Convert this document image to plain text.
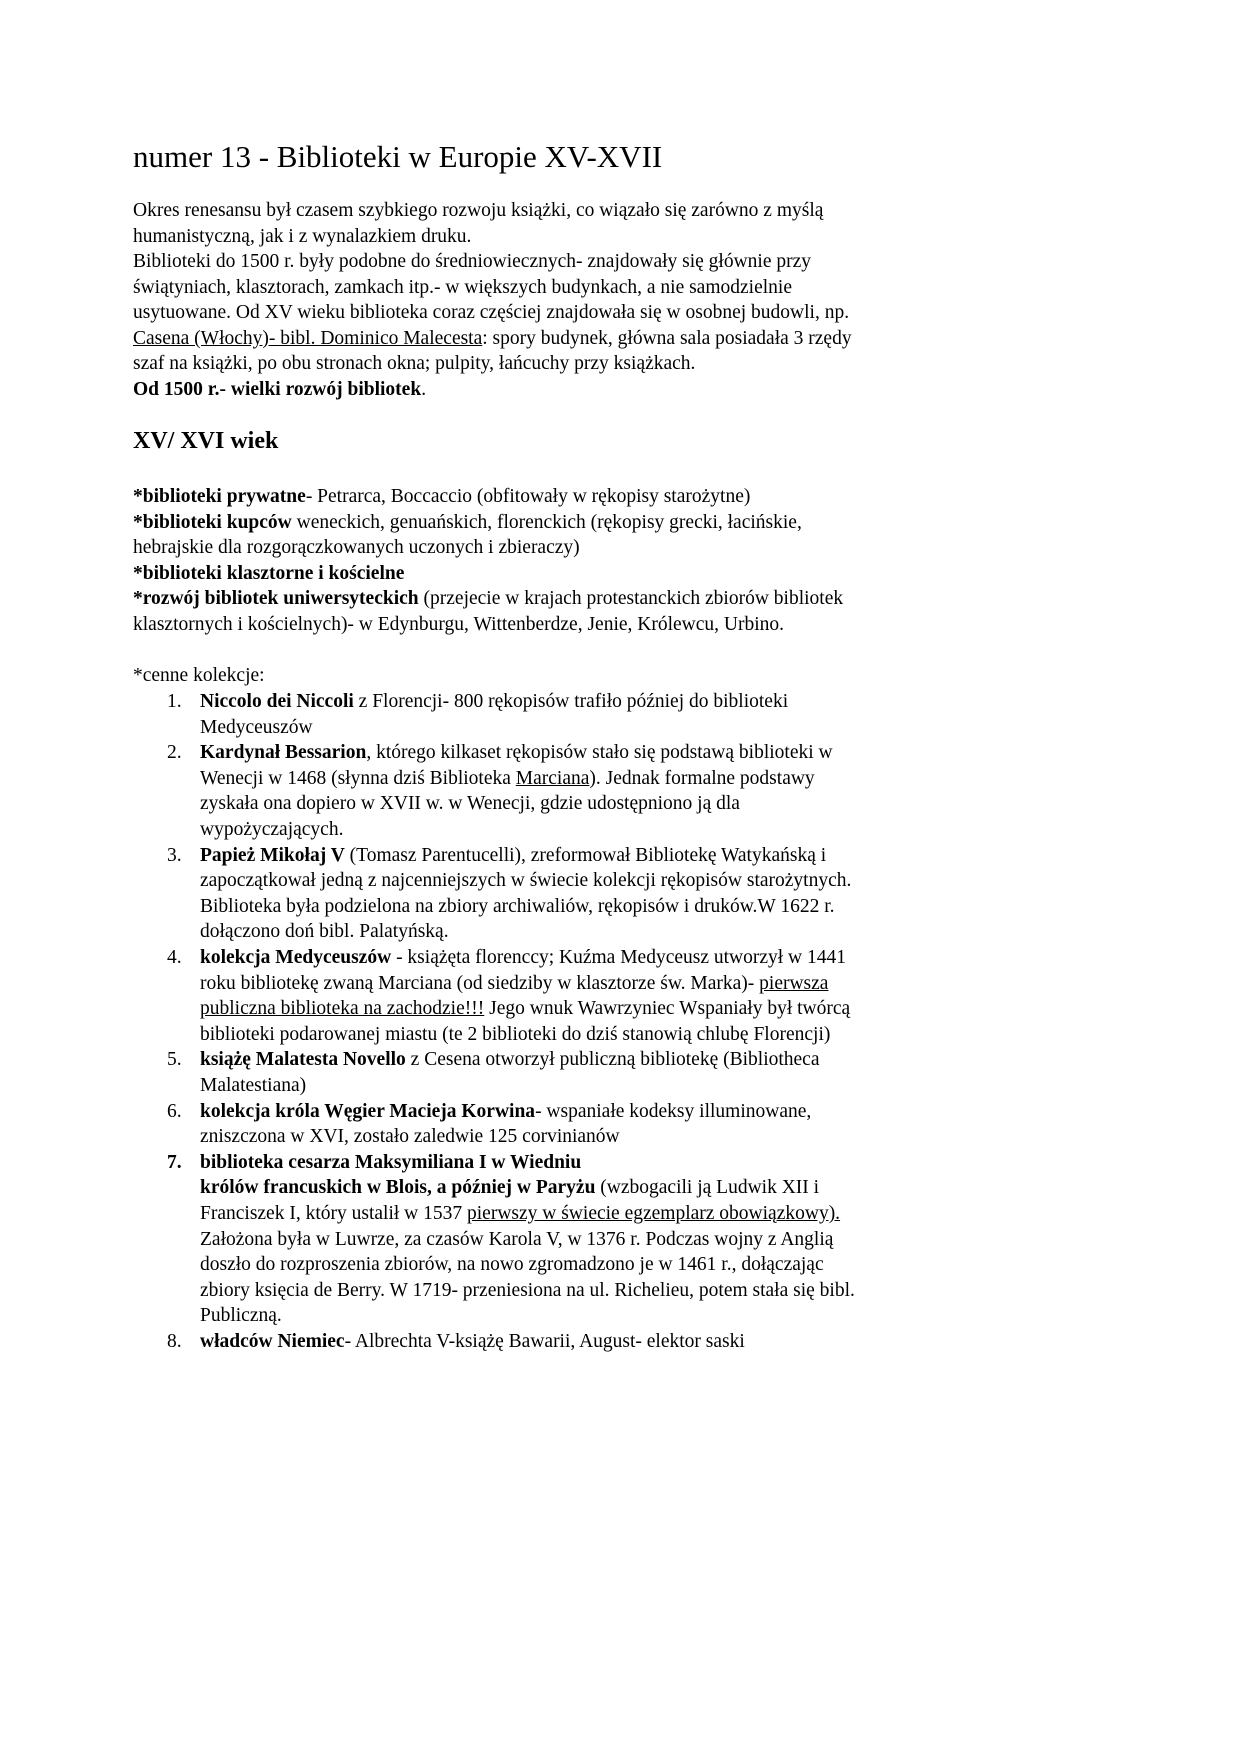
numer 13 - Biblioteki w Europie XV-XVII

Okres renesansu był czasem szybkiego rozwoju książki, co wiązało się zarówno z myślą

humanistyczną, jak i z wynalazkiem druku.

Biblioteki do 1500 r. były podobne do średniowiecznych- znajdowały się głównie przy

świątyniach, klasztorach, zamkach itp.- w większych budynkach, a nie samodzielnie

usytuowane. Od XV wieku biblioteka coraz częściej znajdowała się w osobnej budowli, np.

Casena (Włochy)- bibl. Dominico Malecesta: spory budynek, główna sala posiadała 3 rzędy

szaf na książki, po obu stronach okna; pulpity, łańcuchy przy książkach.

Od 1500 r.- wielki rozwój bibliotek.

XV/ XVI wiek

*biblioteki prywatne- Petrarca, Boccaccio (obfitowały w rękopisy starożytne)

*biblioteki kupców weneckich, genuańskich, florenckich (rękopisy grecki, łacińskie,

hebrajskie dla rozgorączkowanych uczonych i zbieraczy)

*biblioteki klasztorne i kościelne

*rozwój bibliotek uniwersyteckich (przejecie w krajach protestanckich zbiorów bibliotek

klasztornych i kościelnych)- w Edynburgu, Wittenberdze, Jenie, Królewcu, Urbino.

*cenne kolekcje:

1. Niccolo dei Niccoli z Florencji- 800 rękopisów trafiło później do biblioteki
Medyceuszów
2. Kardynał Bessarion, którego kilkaset rękopisów stało się podstawą biblioteki w
Wenecji w 1468 (słynna dziś Biblioteka Marciana). Jednak formalne podstawy
zyskała ona dopiero w XVII w. w Wenecji, gdzie udostępniono ją dla
wypożyczających.
3. Papież Mikołaj V (Tomasz Parentucelli), zreformował Bibliotekę Watykańską i
zapoczątkował jedną z najcenniejszych w świecie kolekcji rękopisów starożytnych.
Biblioteka była podzielona na zbiory archiwaliów, rękopisów i druków.W 1622 r.
dołączono doń bibl. Palatyńską.
4. kolekcja Medyceuszów - książęta florenccy; Kuźma Medyceusz utworzył w 1441
roku bibliotekę zwaną Marciana (od siedziby w klasztorze św. Marka)- pierwsza
publiczna biblioteka na zachodzie!!! Jego wnuk Wawrzyniec Wspaniały był twórcą
biblioteki podarowanej miastu (te 2 biblioteki do dziś stanowią chlubę Florencji)
5. książę Malatesta Novello z Cesena otworzył publiczną bibliotekę (Bibliotheca
Malatestiana)
6. kolekcja króla Węgier Macieja Korwina- wspaniałe kodeksy illuminowane,
zniszczona w XVI, zostało zaledwie 125 corvinianów
7. biblioteka cesarza Maksymiliana I w Wiedniu
królów francuskich w Blois, a później w Paryżu (wzbogacili ją Ludwik XII i
Franciszek I, który ustalił w 1537 pierwszy w świecie egzemplarz obowiązkowy).
Założona była w Luwrze, za czasów Karola V, w 1376 r. Podczas wojny z Anglią
doszło do rozproszenia zbiorów, na nowo zgromadzono je w 1461 r., dołączając
zbiory księcia de Berry. W 1719- przeniesiona na ul. Richelieu, potem stała się bibl.
Publiczną.
8. władców Niemiec- Albrechta V-książę Bawarii, August- elektor saski
